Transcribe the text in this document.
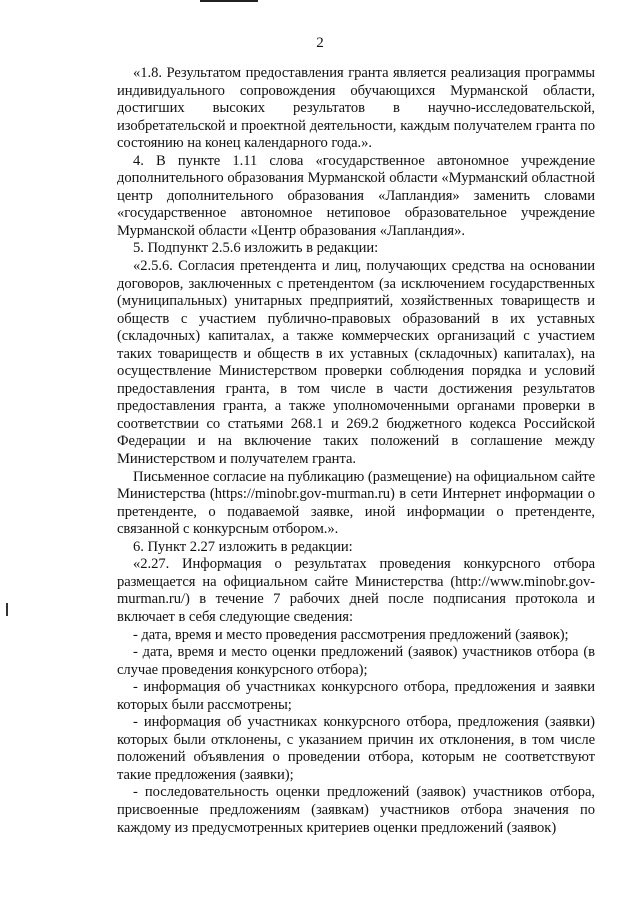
2

«1.8. Результатом предоставления гранта является реализация программы индивидуального сопровождения обучающихся Мурманской области, достигших высоких результатов в научно-исследовательской, изобретательской и проектной деятельности, каждым получателем гранта по состоянию на конец календарного года.».

4. В пункте 1.11 слова «государственное автономное учреждение дополнительного образования Мурманской области «Мурманский областной центр дополнительного образования «Лапландия» заменить словами «государственное автономное нетиповое образовательное учреждение Мурманской области «Центр образования «Лапландия».

5. Подпункт 2.5.6 изложить в редакции:

«2.5.6. Согласия претендента и лиц, получающих средства на основании договоров, заключенных с претендентом (за исключением государственных (муниципальных) унитарных предприятий, хозяйственных товариществ и обществ с участием публично-правовых образований в их уставных (складочных) капиталах, а также коммерческих организаций с участием таких товариществ и обществ в их уставных (складочных) капиталах), на осуществление Министерством проверки соблюдения порядка и условий предоставления гранта, в том числе в части достижения результатов предоставления гранта, а также уполномоченными органами проверки в соответствии со статьями 268.1 и 269.2 бюджетного кодекса Российской Федерации и на включение таких положений в соглашение между Министерством и получателем гранта.

Письменное согласие на публикацию (размещение) на официальном сайте Министерства (https://minobr.gov-murman.ru) в сети Интернет информации о претенденте, о подаваемой заявке, иной информации о претенденте, связанной с конкурсным отбором.».

6. Пункт 2.27 изложить в редакции:

«2.27. Информация о результатах проведения конкурсного отбора размещается на официальном сайте Министерства (http://www.minobr.gov-murman.ru/) в течение 7 рабочих дней после подписания протокола и включает в себя следующие сведения:

- дата, время и место проведения рассмотрения предложений (заявок);

- дата, время и место оценки предложений (заявок) участников отбора (в случае проведения конкурсного отбора);

- информация об участниках конкурсного отбора, предложения и заявки которых были рассмотрены;

- информация об участниках конкурсного отбора, предложения (заявки) которых были отклонены, с указанием причин их отклонения, в том числе положений объявления о проведении отбора, которым не соответствуют такие предложения (заявки);

- последовательность оценки предложений (заявок) участников отбора, присвоенные предложениям (заявкам) участников отбора значения по каждому из предусмотренных критериев оценки предложений (заявок)
